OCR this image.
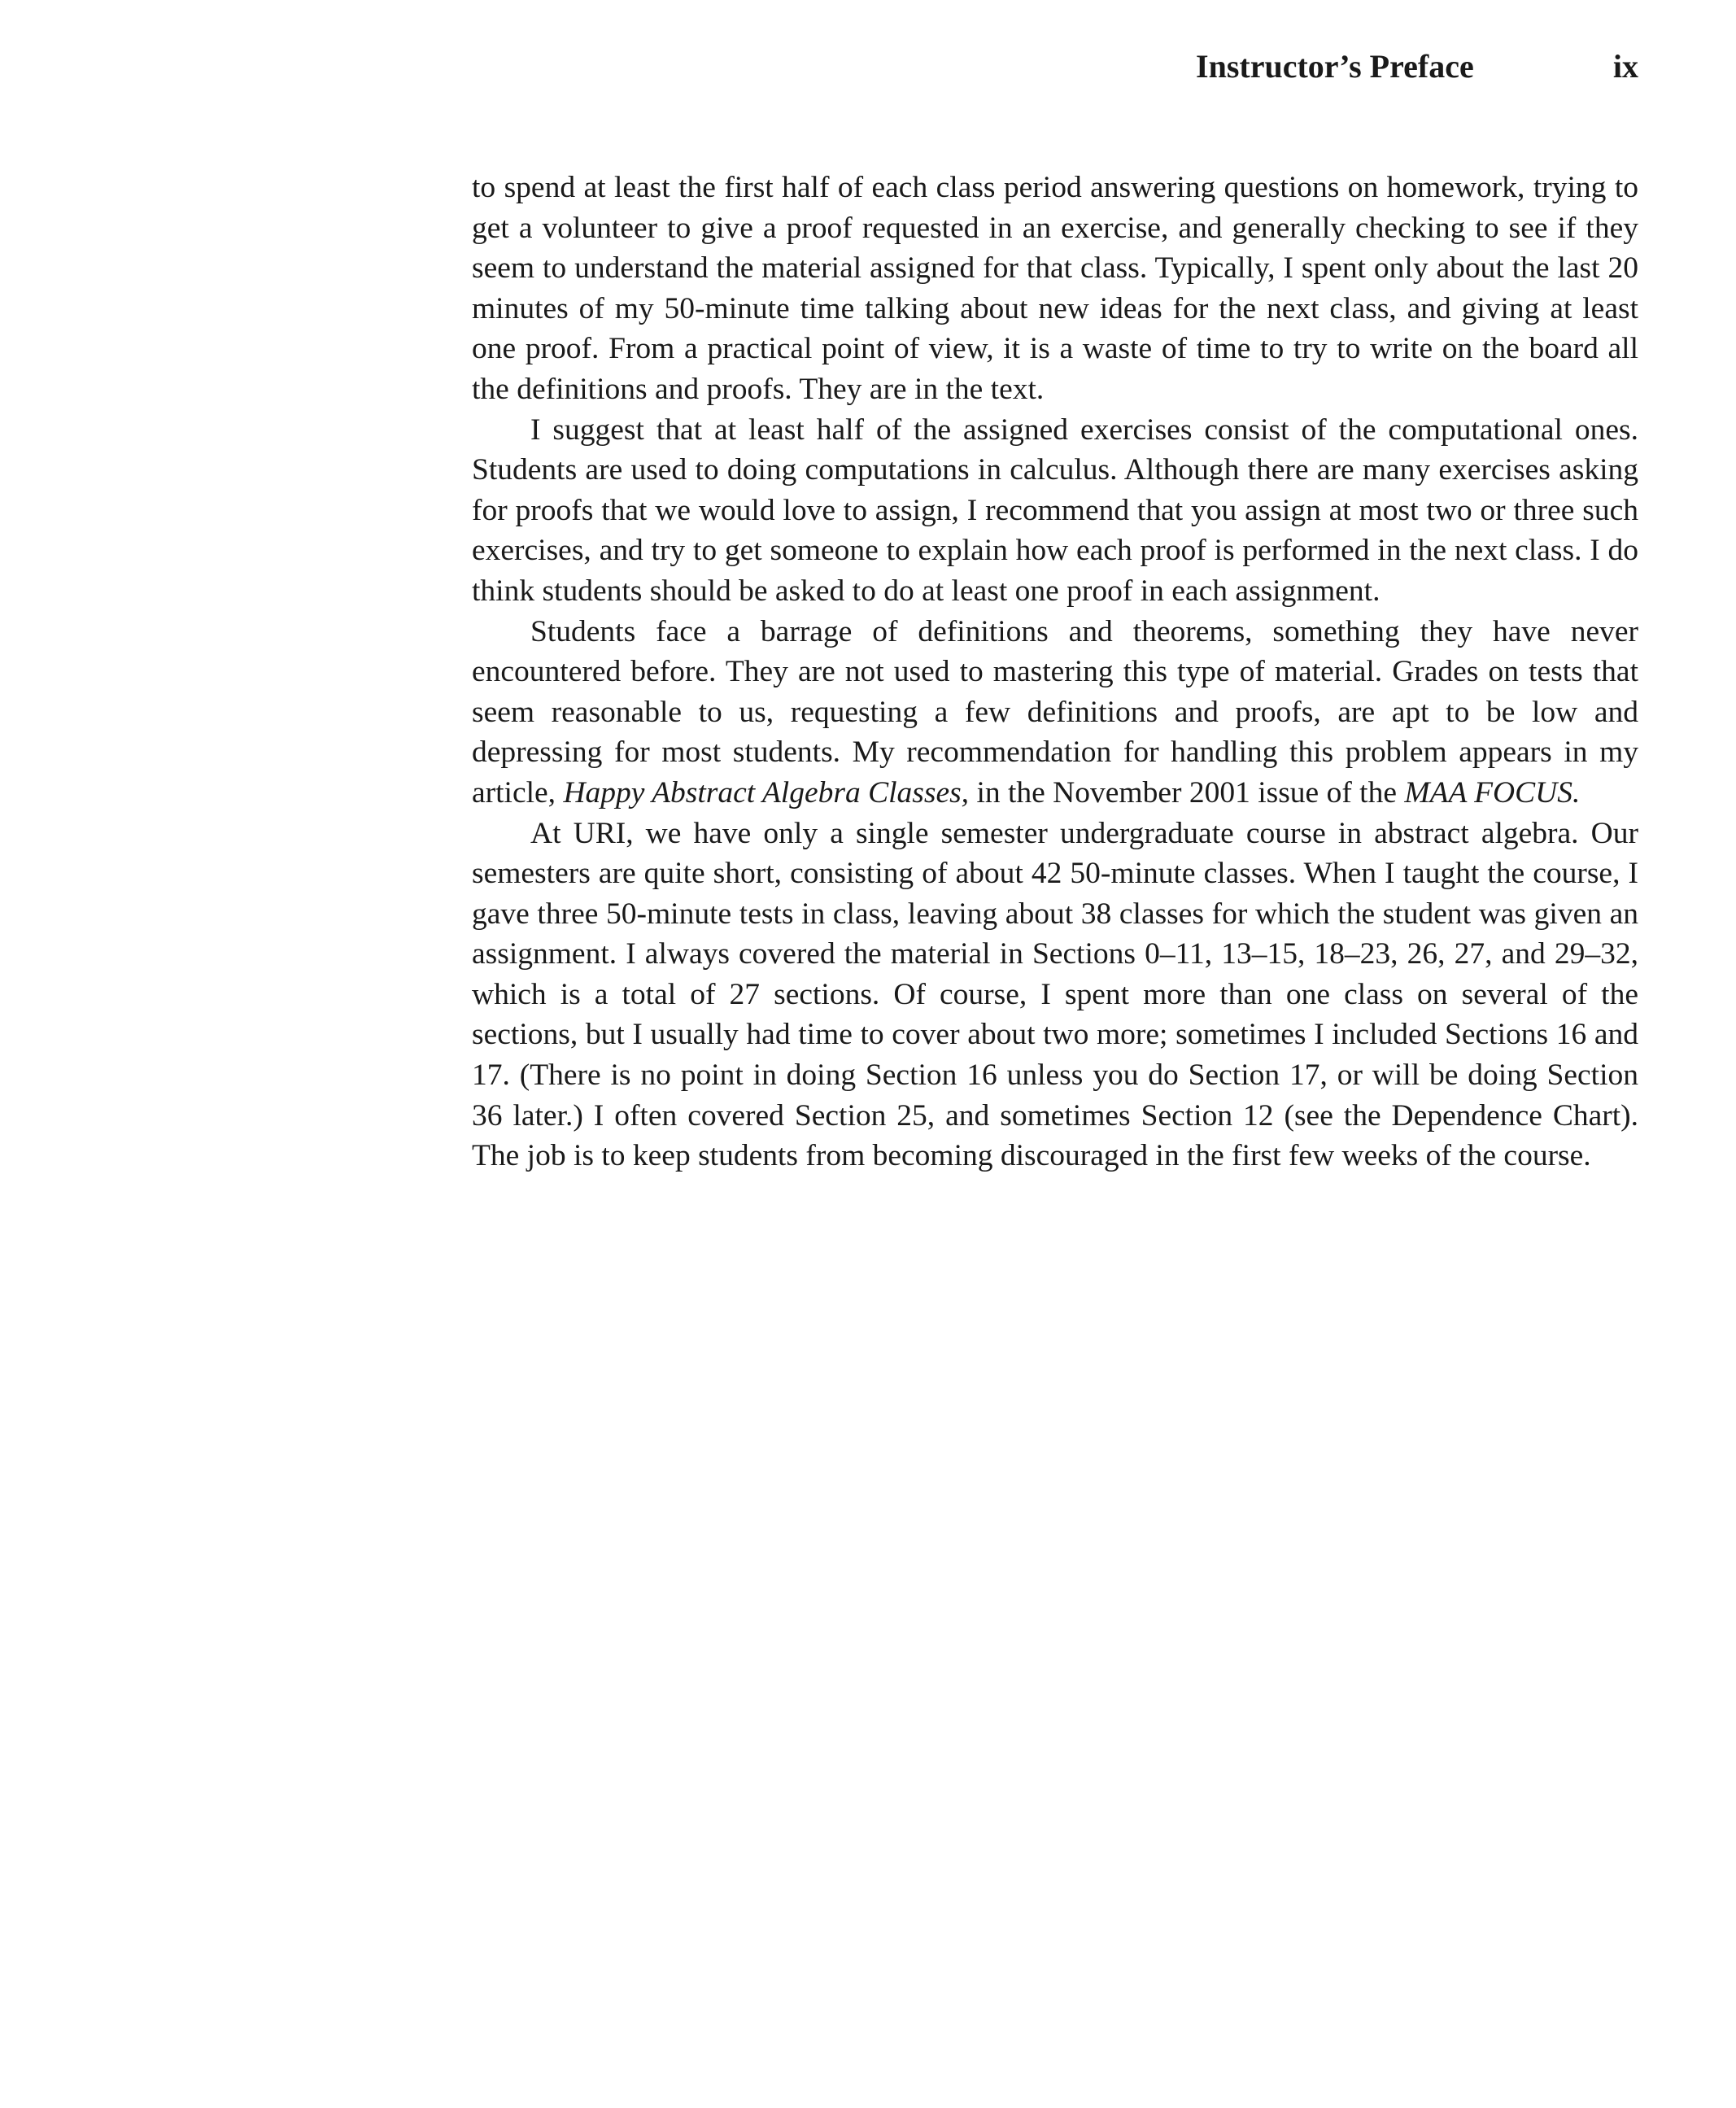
Instructor’s Preface	ix

to spend at least the first half of each class period answering questions on homework, trying to get a volunteer to give a proof requested in an exercise, and generally checking to see if they seem to understand the material assigned for that class. Typically, I spent only about the last 20 minutes of my 50-minute time talking about new ideas for the next class, and giving at least one proof. From a practical point of view, it is a waste of time to try to write on the board all the definitions and proofs. They are in the text.

I suggest that at least half of the assigned exercises consist of the computational ones. Students are used to doing computations in calculus. Although there are many exercises asking for proofs that we would love to assign, I recommend that you assign at most two or three such exercises, and try to get someone to explain how each proof is performed in the next class. I do think students should be asked to do at least one proof in each assignment.

Students face a barrage of definitions and theorems, something they have never encountered before. They are not used to mastering this type of material. Grades on tests that seem reasonable to us, requesting a few definitions and proofs, are apt to be low and depressing for most students. My recommendation for handling this problem appears in my article, Happy Abstract Algebra Classes, in the November 2001 issue of the MAA FOCUS.

At URI, we have only a single semester undergraduate course in abstract algebra. Our semesters are quite short, consisting of about 42 50-minute classes. When I taught the course, I gave three 50-minute tests in class, leaving about 38 classes for which the student was given an assignment. I always covered the material in Sections 0–11, 13–15, 18–23, 26, 27, and 29–32, which is a total of 27 sections. Of course, I spent more than one class on several of the sections, but I usually had time to cover about two more; sometimes I included Sections 16 and 17. (There is no point in doing Section 16 unless you do Section 17, or will be doing Section 36 later.) I often covered Section 25, and sometimes Section 12 (see the Dependence Chart). The job is to keep students from becoming discouraged in the first few weeks of the course.
